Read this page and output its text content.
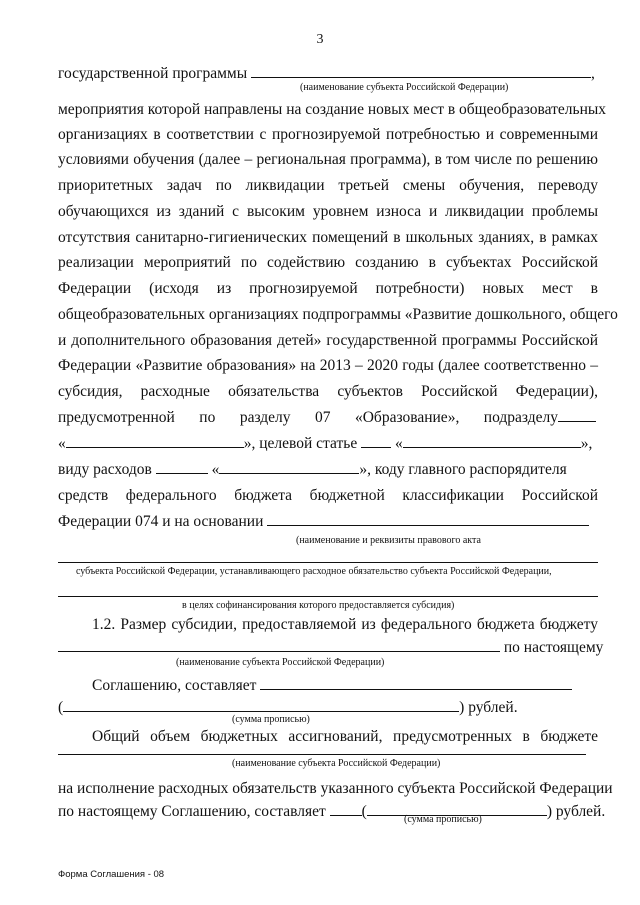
3
государственной программы	,
(наименование субъекта Российской Федерации)
мероприятия которой направлены на создание новых мест в общеобразовательных
организациях в соответствии с прогнозируемой потребностью и современными
условиями обучения (далее – региональная программа), в том числе по решению
приоритетных задач по ликвидации третьей смены обучения, переводу
обучающихся из зданий с высоким уровнем износа и ликвидации проблемы
отсутствия санитарно-гигиенических помещений в школьных зданиях, в рамках
реализации мероприятий по содействию созданию в субъектах Российской
Федерации (исходя из прогнозируемой потребности) новых мест в
общеобразовательных организациях подпрограммы «Развитие дошкольного, общего
и дополнительного образования детей» государственной программы Российской
Федерации «Развитие образования» на 2013 – 2020 годы (далее соответственно –
субсидия, расходные обязательства субъектов Российской Федерации),
предусмотренной по разделу 07 «Образование», подразделу
«	», целевой статье «	»,
виду расходов	«	», коду главного распорядителя
средств федерального бюджета бюджетной классификации Российской
Федерации 074 и на основании
(наименование и реквизиты правового акта
субъекта Российской Федерации, устанавливающего расходное обязательство субъекта Российской Федерации,
в целях софинансирования которого предоставляется субсидия)
1.2. Размер субсидии, предоставляемой из федерального бюджета бюджету
по настоящему
(наименование субъекта Российской Федерации)
Соглашению, составляет
(	) рублей.
(сумма прописью)
Общий объем бюджетных ассигнований, предусмотренных в бюджете
(наименование субъекта Российской Федерации)
на исполнение расходных обязательств указанного субъекта Российской Федерации
по настоящему Соглашению, составляет (	) рублей.
(сумма прописью)
Форма Соглашения - 08
